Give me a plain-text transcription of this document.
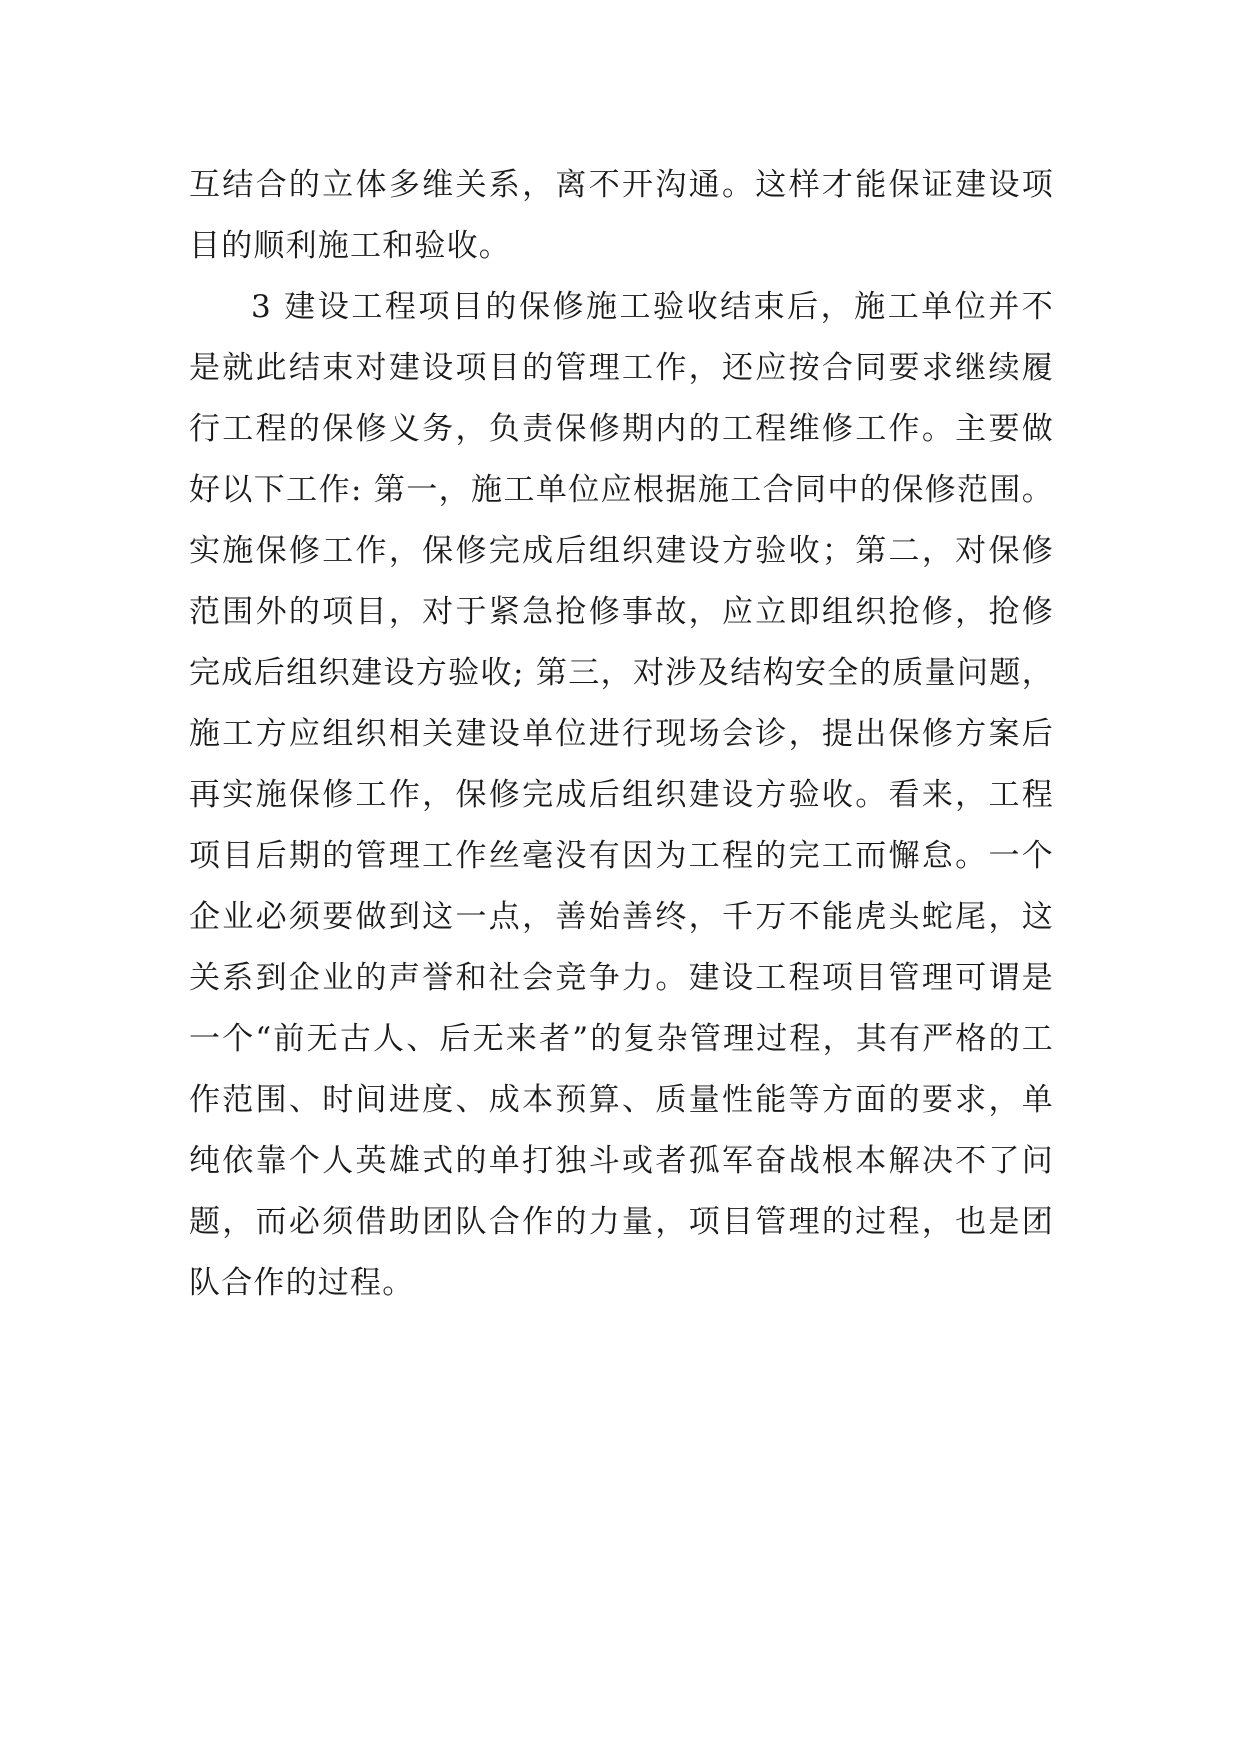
互结合的立体多维关系，离不开沟通。这样才能保证建设项目的顺利施工和验收。

3 建设工程项目的保修施工验收结束后，施工单位并不是就此结束对建设项目的管理工作，还应按合同要求继续履行工程的保修义务，负责保修期内的工程维修工作。主要做好以下工作: 第一，施工单位应根据施工合同中的保修范围。实施保修工作，保修完成后组织建设方验收；第二，对保修范围外的项目，对于紧急抢修事故，应立即组织抢修，抢修完成后组织建设方验收; 第三，对涉及结构安全的质量问题，施工方应组织相关建设单位进行现场会诊，提出保修方案后再实施保修工作，保修完成后组织建设方验收。看来，工程项目后期的管理工作丝毫没有因为工程的完工而懈怠。一个企业必须要做到这一点，善始善终，千万不能虎头蛇尾，这关系到企业的声誉和社会竞争力。建设工程项目管理可谓是一个“前无古人、后无来者”的复杂管理过程，其有严格的工作范围、时间进度、成本预算、质量性能等方面的要求，单纯依靠个人英雄式的单打独斗或者孤军奋战根本解决不了问题，而必须借助团队合作的力量，项目管理的过程，也是团队合作的过程。
